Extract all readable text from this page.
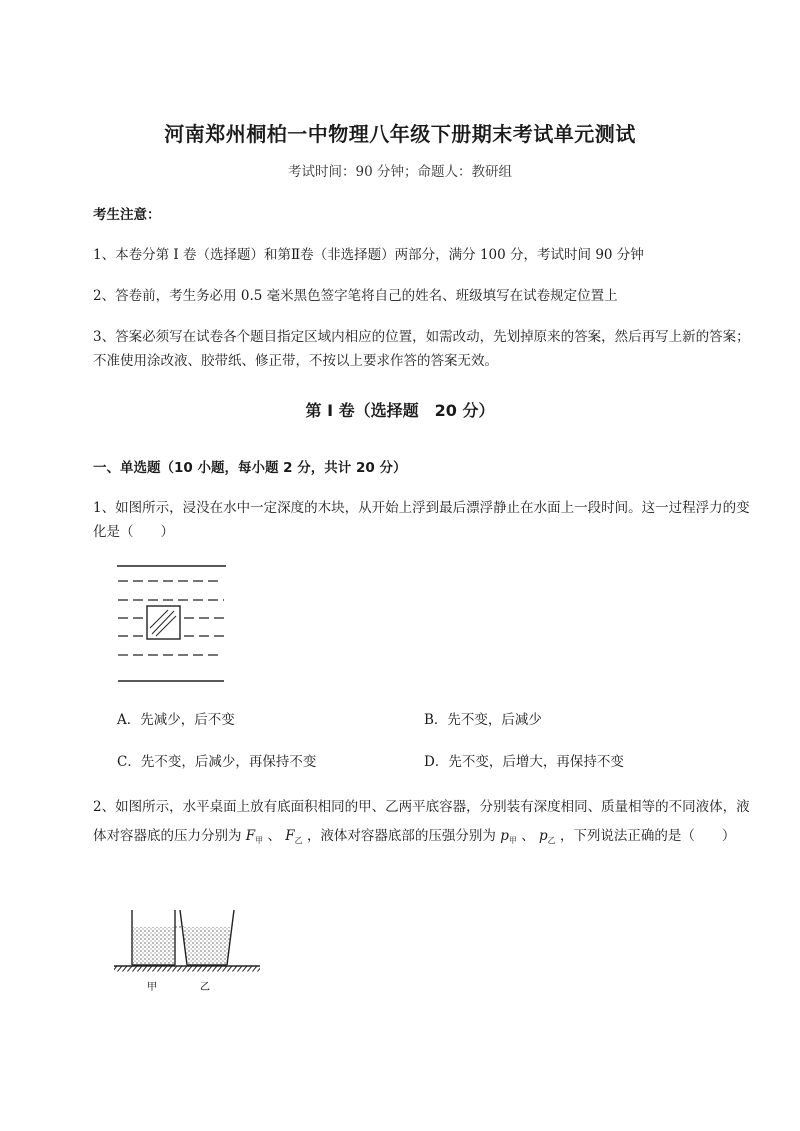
河南郑州桐柏一中物理八年级下册期末考试单元测试
考试时间：90 分钟；命题人：教研组
考生注意：
1、本卷分第 I 卷（选择题）和第Ⅱ卷（非选择题）两部分，满分 100 分，考试时间 90 分钟
2、答卷前，考生务必用 0.5 毫米黑色签字笔将自己的姓名、班级填写在试卷规定位置上
3、答案必须写在试卷各个题目指定区域内相应的位置，如需改动，先划掉原来的答案，然后再写上新的答案；不准使用涂改液、胶带纸、修正带，不按以上要求作答的答案无效。
第 I 卷（选择题　20 分）
一、单选题（10 小题，每小题 2 分，共计 20 分）
1、如图所示，浸没在水中一定深度的木块，从开始上浮到最后漂浮静止在水面上一段时间。这一过程浮力的变化是（　　）
A．先减少，后不变	B．先不变，后减少
C．先不变，后减少，再保持不变	D．先不变，后增大，再保持不变
2、如图所示，水平桌面上放有底面积相同的甲、乙两平底容器，分别装有深度相同、质量相等的不同液体，液体对容器底的压力分别为 $F_甲$ 、 $F_乙$ ，液体对容器底部的压强分别为 $p_甲$ 、 $p_乙$ ，下列说法正确的是（　　）
甲	乙
